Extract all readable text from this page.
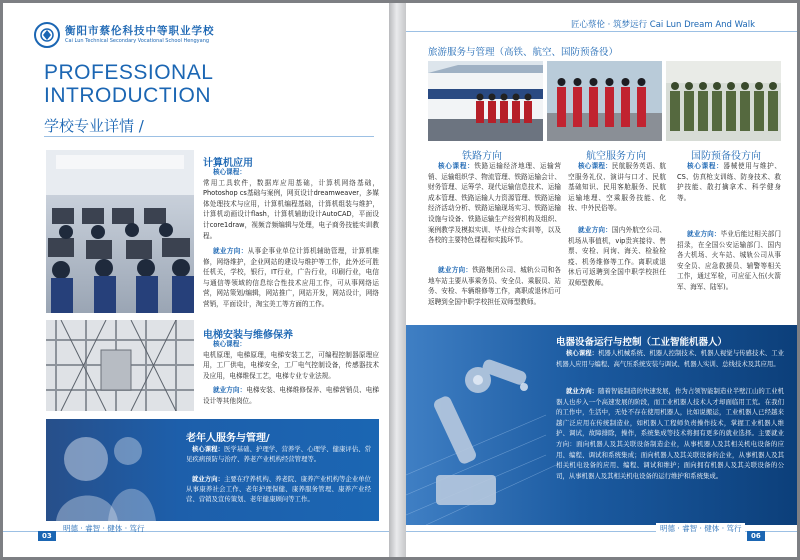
衡阳市蔡伦科技中等职业学校
Cai Lun Technical Secondary Vocational School Hengyang
PROFESSIONAL
INTRODUCTION
学校专业详情 /
计算机应用
核心课程：
常用工具软件，数据库应用基础，计算机网络基础，Photoshop cs基础与案例，网页设计dreamweaver，多媒体处理技术与应用，计算机编程基础，计算机组装与维护，计算机动画设计flash，计算机辅助设计AutoCAD，平面设计core1draw，视频音频编辑与处理，电子商务技能实训教程。
就业方向：从事企事业单位计算机辅助管理，计算机维修，网络维护，企业网站的建设与维护等工作，此外还可胜任机关，学校，银行，IT行业，广告行业，印刷行业，电信与通信等领域的信息综合性技术应用工作，可从事网络运营，网站策划/编辑，网站推广，网站开发，网站设计，网络营销，平面设计，淘宝美工等方面的工作。
电梯安装与维修保养
核心课程：
电机原理，电梯原理，电梯安装工艺，可编程控制器原理应用，工厂供电，电梯安全，工厂电气控制设备，传感器技术及应用，电梯维保工艺，电梯专业专业法规。
就业方向：电梯安装、电梯维修保养、电梯营销员、电梯设计等其他岗位。
老年人服务与管理/
核心课程：医学基础、护理学、营养学、心理学、健康评估、常见疾病预防与治疗、养老产业机构经营管理等。
就业方向：主要在疗养机构、养老院、康养产业机构等企业单位从事康养社会工作、老年护理保健、康养服务管理、康养产业经营、营销及宣传策划、老年健康顾问等工作。
03
明德 · 睿智 · 健体 · 笃行
匠心蔡伦 · 筑梦远行 Cai Lun Dream And Walk
旅游服务与管理（高铁、航空、国防预备役）
铁路方向
核心课程：铁路运输经济地理、运输营销、运输组织学、物流管理、铁路运输会计、财务管理、运筹学、现代运输信息技术、运输成本管理、铁路运输人力资源管理、铁路运输经济活动分析、铁路运输现场实习、铁路运输设施与设备、铁路运输生产经营机构及组织、案例教学及模拟实训、毕业综合实训等，以及各校的主要特色课程和实践环节。
就业方向：铁路集团公司、城轨公司和各地车站主要从事乘务员、安全员、乘服员、站务、安检、车辆维修等工作，离职或退休后可返聘到全国中职学校担任双师型教师。
航空服务方向
核心课程：民航服务英语、航空服务礼仪、演讲与口才、民航基础知识、民用客舱服务、民航运输地理、空乘服务技能、化妆、中外民俗等。
就业方向：国内外航空公司、机场从事值机，vip贵宾接待、售票、安检、问询、海关、检验检疫、机务维修等工作。离职或退休后可返聘到全国中职学校担任双师型教师。
国防预备役方向
核心课程：器械使用与维护、CS、仿真枪支训练、防身技术、救护技能、散打擒拿术、科学健身等。
就业方向：毕业后能过相关部门招录，在全国公安运输部门、国内各大机场、火车站、城轨公司从事安全员、应急救援员、辅警等相关工作，通过军检，可应征入伍(火箭军、海军、陆军)。
电器设备运行与控制（工业智能机器人）
核心课程：机器人机械系统、机器人控制技术、机器人视觉与传感技术、工业机器人应用与编程、高气压系统安装与调试、机器人实训、总线技术及其应用。
就业方向：随着智能制造的快速发展，作为占领智能制造业半壁江山的工业机器人也步入一个高速发展的阶段，而工业机器人技术人才却面临用工荒。在我们的工作中，生活中，无处不存在使用机器人，比如说搬运，工业机器人已经越来越广泛应用在传统制造业，如机器人工程师负责操作技术，掌握工业机器人维护、调试，故障排除，操作，系统集成等技术将拥有更多的就业选择。主要就业方向：面向机器人及其关联设备制造企业，从事机器人及其相关机电设备的应用、编程、调试和系统集成；面向机器人及其关联设备的企业，从事机器人及其相关机电设备的应用、编程、调试和维护；面向拥有机器人及其关联设备的公司，从事机器人及其相关机电设备的运行维护和系统集成。
明德 · 睿智 · 健体 · 笃行
06
